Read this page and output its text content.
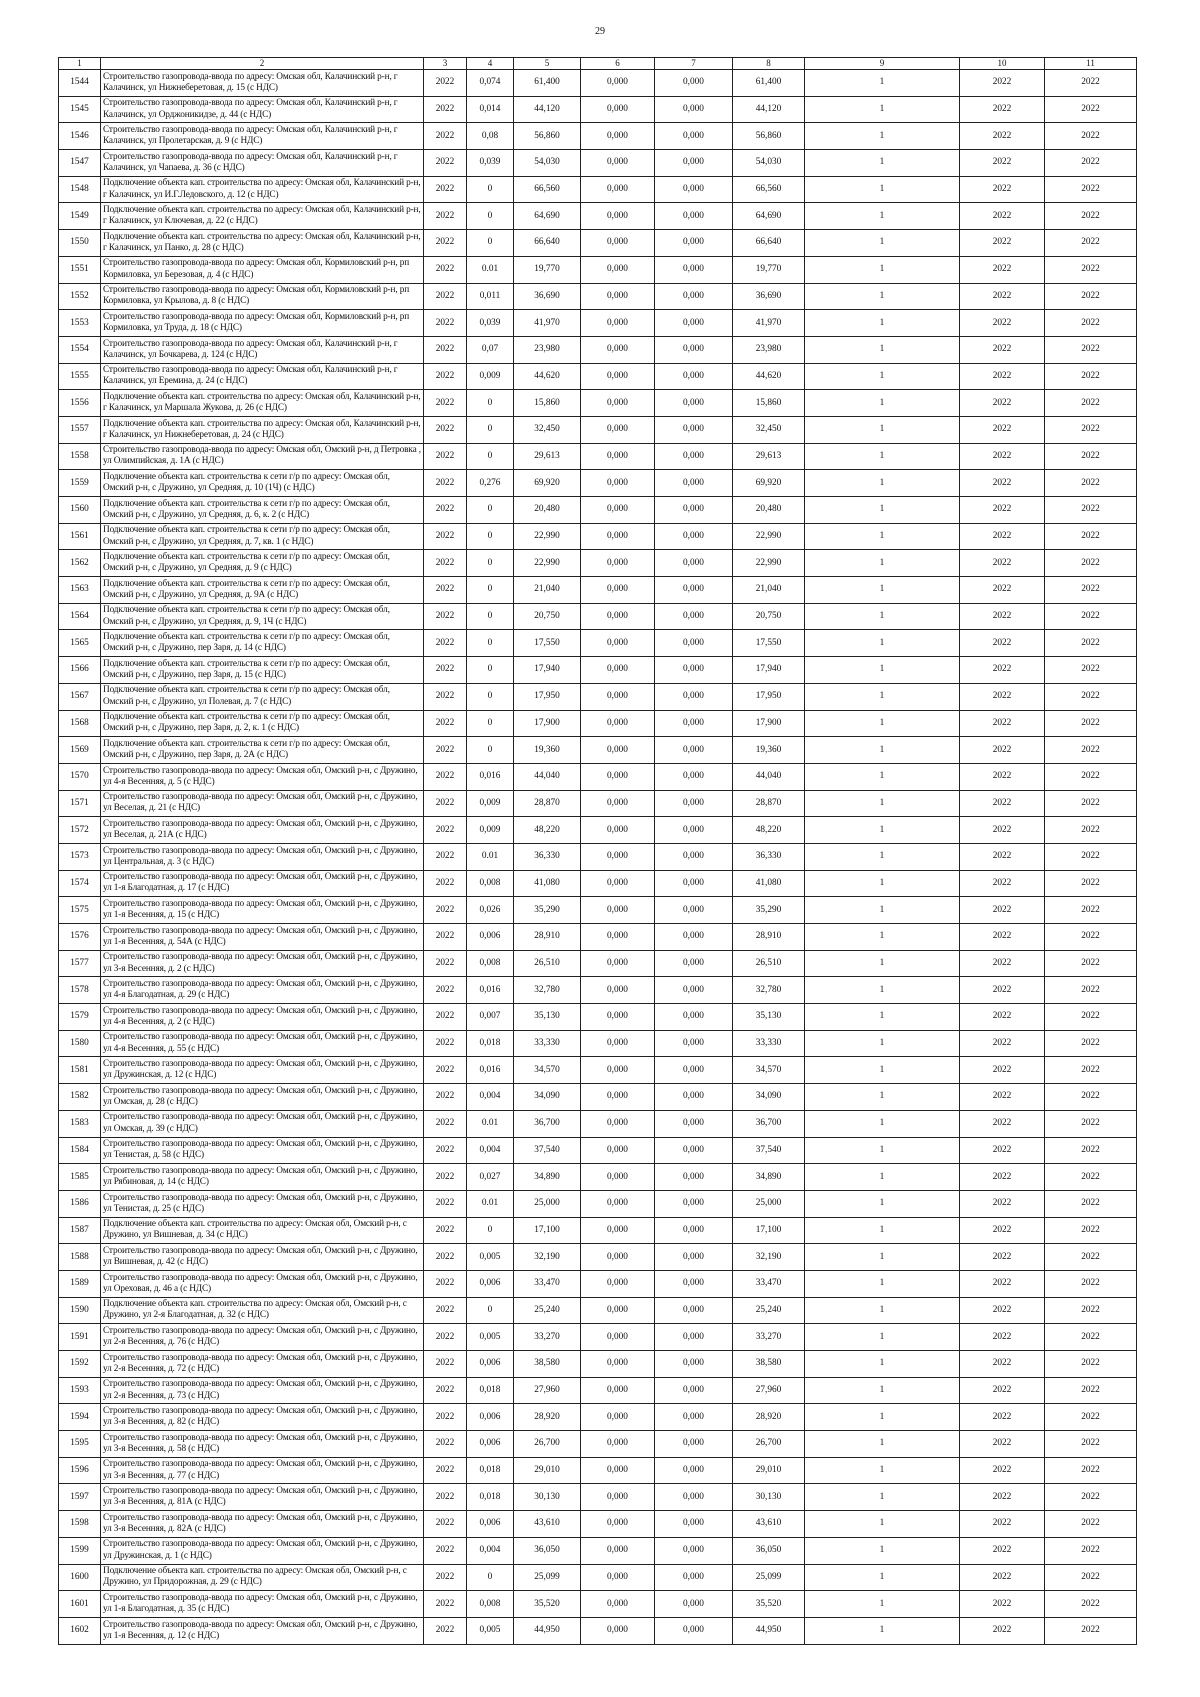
29
1	2	3	4	5	6	7	8	9	10	11
1544	Строительство газопровода-ввода по адресу: Омская обл, Калачинский р-н, г Калачинск, ул Нижнеберетовая, д. 15 (с НДС)	2022	0,074	61,400	0,000	0,000	61,400	1	2022	2022
1545	Строительство газопровода-ввода по адресу: Омская обл, Калачинский р-н, г Калачинск, ул Орджоникидзе, д. 44 (с НДС)	2022	0,014	44,120	0,000	0,000	44,120	1	2022	2022
1546	Строительство газопровода-ввода по адресу: Омская обл, Калачинский р-н, г Калачинск, ул Пролетарская, д. 9 (с НДС)	2022	0,08	56,860	0,000	0,000	56,860	1	2022	2022
1547	Строительство газопровода-ввода по адресу: Омская обл, Калачинский р-н, г Калачинск, ул Чапаева, д. 36 (с НДС)	2022	0,039	54,030	0,000	0,000	54,030	1	2022	2022
1548	Подключение объекта кап. строительства по адресу: Омская обл, Калачинский р-н, г Калачинск, ул И.Г.Ледовского, д. 12 (с НДС)	2022	0	66,560	0,000	0,000	66,560	1	2022	2022
1549	Подключение объекта кап. строительства по адресу: Омская обл, Калачинский р-н, г Калачинск, ул Ключевая, д. 22 (с НДС)	2022	0	64,690	0,000	0,000	64,690	1	2022	2022
1550	Подключение объекта кап. строительства по адресу: Омская обл, Калачинский р-н, г Калачинск, ул Панко, д. 28 (с НДС)	2022	0	66,640	0,000	0,000	66,640	1	2022	2022
1551	Строительство газопровода-ввода по адресу: Омская обл, Кормиловский р-н, рп Кормиловка, ул Березовая, д. 4 (с НДС)	2022	0.01	19,770	0,000	0,000	19,770	1	2022	2022
1552	Строительство газопровода-ввода по адресу: Омская обл, Кормиловский р-н, рп Кормиловка, ул Крылова, д. 8 (с НДС)	2022	0,011	36,690	0,000	0,000	36,690	1	2022	2022
1553	Строительство газопровода-ввода по адресу: Омская обл, Кормиловский р-н, рп Кормиловка, ул Труда, д. 18 (с НДС)	2022	0,039	41,970	0,000	0,000	41,970	1	2022	2022
1554	Строительство газопровода-ввода по адресу: Омская обл, Калачинский р-н, г Калачинск, ул Бочкарева, д. 124 (с НДС)	2022	0,07	23,980	0,000	0,000	23,980	1	2022	2022
1555	Строительство газопровода-ввода по адресу: Омская обл, Калачинский р-н, г Калачинск, ул Еремина, д. 24 (с НДС)	2022	0,009	44,620	0,000	0,000	44,620	1	2022	2022
1556	Подключение объекта кап. строительства по адресу: Омская обл, Калачинский р-н, г Калачинск, ул Маршала Жукова, д. 26 (с НДС)	2022	0	15,860	0,000	0,000	15,860	1	2022	2022
1557	Подключение объекта кап. строительства по адресу: Омская обл, Калачинский р-н, г Калачинск, ул Нижнеберетовая, д. 24 (с НДС)	2022	0	32,450	0,000	0,000	32,450	1	2022	2022
1558	Строительство газопровода-ввода по адресу: Омская обл, Омский р-н, д Петровка , ул Олимпийская, д. 1А (с НДС)	2022	0	29,613	0,000	0,000	29,613	1	2022	2022
1559	Подключение объекта кап. строительства к сети г/р по адресу: Омская обл, Омский р-н, с Дружино, ул Средняя, д. 10 (1Ч) (с НДС)	2022	0,276	69,920	0,000	0,000	69,920	1	2022	2022
1560	Подключение объекта кап. строительства к сети г/р по адресу: Омская обл, Омский р-н, с Дружино, ул Средняя, д. 6, к. 2 (с НДС)	2022	0	20,480	0,000	0,000	20,480	1	2022	2022
1561	Подключение объекта кап. строительства к сети г/р по адресу: Омская обл, Омский р-н, с Дружино, ул Средняя, д. 7, кв. 1 (с НДС)	2022	0	22,990	0,000	0,000	22,990	1	2022	2022
1562	Подключение объекта кап. строительства к сети г/р по адресу: Омская обл, Омский р-н, с Дружино, ул Средняя, д. 9 (с НДС)	2022	0	22,990	0,000	0,000	22,990	1	2022	2022
1563	Подключение объекта кап. строительства к сети г/р по адресу: Омская обл, Омский р-н, с Дружино, ул Средняя, д. 9А (с НДС)	2022	0	21,040	0,000	0,000	21,040	1	2022	2022
1564	Подключение объекта кап. строительства к сети г/р по адресу: Омская обл, Омский р-н, с Дружино, ул Средняя, д. 9, 1Ч (с НДС)	2022	0	20,750	0,000	0,000	20,750	1	2022	2022
1565	Подключение объекта кап. строительства к сети г/р по адресу: Омская обл, Омский р-н, с Дружино, пер Заря, д. 14 (с НДС)	2022	0	17,550	0,000	0,000	17,550	1	2022	2022
1566	Подключение объекта кап. строительства к сети г/р по адресу: Омская обл, Омский р-н, с Дружино, пер Заря, д. 15 (с НДС)	2022	0	17,940	0,000	0,000	17,940	1	2022	2022
1567	Подключение объекта кап. строительства к сети г/р по адресу: Омская обл, Омский р-н, с Дружино, ул Полевая, д. 7 (с НДС)	2022	0	17,950	0,000	0,000	17,950	1	2022	2022
1568	Подключение объекта кап. строительства к сети г/р по адресу: Омская обл, Омский р-н, с Дружино, пер Заря, д. 2, к. 1 (с НДС)	2022	0	17,900	0,000	0,000	17,900	1	2022	2022
1569	Подключение объекта кап. строительства к сети г/р по адресу: Омская обл, Омский р-н, с Дружино, пер Заря, д. 2А (с НДС)	2022	0	19,360	0,000	0,000	19,360	1	2022	2022
1570	Строительство газопровода-ввода по адресу: Омская обл, Омский р-н, с Дружино, ул 4-я Весенняя, д. 5 (с НДС)	2022	0,016	44,040	0,000	0,000	44,040	1	2022	2022
1571	Строительство газопровода-ввода по адресу: Омская обл, Омский р-н, с Дружино, ул Веселая, д. 21 (с НДС)	2022	0,009	28,870	0,000	0,000	28,870	1	2022	2022
1572	Строительство газопровода-ввода по адресу: Омская обл, Омский р-н, с Дружино, ул Веселая, д. 21А (с НДС)	2022	0,009	48,220	0,000	0,000	48,220	1	2022	2022
1573	Строительство газопровода-ввода по адресу: Омская обл, Омский р-н, с Дружино, ул Центральная, д. 3 (с НДС)	2022	0.01	36,330	0,000	0,000	36,330	1	2022	2022
1574	Строительство газопровода-ввода по адресу: Омская обл, Омский р-н, с Дружино, ул 1-я Благодатная, д. 17 (с НДС)	2022	0,008	41,080	0,000	0,000	41,080	1	2022	2022
1575	Строительство газопровода-ввода по адресу: Омская обл, Омский р-н, с Дружино, ул 1-я Весенняя, д. 15 (с НДС)	2022	0,026	35,290	0,000	0,000	35,290	1	2022	2022
1576	Строительство газопровода-ввода по адресу: Омская обл, Омский р-н, с Дружино, ул 1-я Весенняя, д. 54А (с НДС)	2022	0,006	28,910	0,000	0,000	28,910	1	2022	2022
1577	Строительство газопровода-ввода по адресу: Омская обл, Омский р-н, с Дружино, ул 3-я Весенняя, д. 2 (с НДС)	2022	0,008	26,510	0,000	0,000	26,510	1	2022	2022
1578	Строительство газопровода-ввода по адресу: Омская обл, Омский р-н, с Дружино, ул 4-я Благодатная, д. 29 (с НДС)	2022	0,016	32,780	0,000	0,000	32,780	1	2022	2022
1579	Строительство газопровода-ввода по адресу: Омская обл, Омский р-н, с Дружино, ул 4-я Весенняя, д. 2 (с НДС)	2022	0,007	35,130	0,000	0,000	35,130	1	2022	2022
1580	Строительство газопровода-ввода по адресу: Омская обл, Омский р-н, с Дружино, ул 4-я Весенняя, д. 55 (с НДС)	2022	0,018	33,330	0,000	0,000	33,330	1	2022	2022
1581	Строительство газопровода-ввода по адресу: Омская обл, Омский р-н, с Дружино, ул Дружинская, д. 12 (с НДС)	2022	0,016	34,570	0,000	0,000	34,570	1	2022	2022
1582	Строительство газопровода-ввода по адресу: Омская обл, Омский р-н, с Дружино, ул Омская, д. 28 (с НДС)	2022	0,004	34,090	0,000	0,000	34,090	1	2022	2022
1583	Строительство газопровода-ввода по адресу: Омская обл, Омский р-н, с Дружино, ул Омская, д. 39 (с НДС)	2022	0.01	36,700	0,000	0,000	36,700	1	2022	2022
1584	Строительство газопровода-ввода по адресу: Омская обл, Омский р-н, с Дружино, ул Тенистая, д. 58 (с НДС)	2022	0,004	37,540	0,000	0,000	37,540	1	2022	2022
1585	Строительство газопровода-ввода по адресу: Омская обл, Омский р-н, с Дружино, ул Рябиновая, д. 14 (с НДС)	2022	0,027	34,890	0,000	0,000	34,890	1	2022	2022
1586	Строительство газопровода-ввода по адресу: Омская обл, Омский р-н, с Дружино, ул Тенистая, д. 25 (с НДС)	2022	0.01	25,000	0,000	0,000	25,000	1	2022	2022
1587	Подключение объекта кап. строительства по адресу: Омская обл, Омский р-н, с Дружино, ул Вишневая, д. 34 (с НДС)	2022	0	17,100	0,000	0,000	17,100	1	2022	2022
1588	Строительство газопровода-ввода по адресу: Омская обл, Омский р-н, с Дружино, ул Вишневая, д. 42 (с НДС)	2022	0,005	32,190	0,000	0,000	32,190	1	2022	2022
1589	Строительство газопровода-ввода по адресу: Омская обл, Омский р-н, с Дружино, ул Ореховая, д. 46 а (с НДС)	2022	0,006	33,470	0,000	0,000	33,470	1	2022	2022
1590	Подключение объекта кап. строительства по адресу: Омская обл, Омский р-н, с Дружино, ул 2-я Благодатная, д. 32 (с НДС)	2022	0	25,240	0,000	0,000	25,240	1	2022	2022
1591	Строительство газопровода-ввода по адресу: Омская обл, Омский р-н, с Дружино, ул 2-я Весенняя, д. 76 (с НДС)	2022	0,005	33,270	0,000	0,000	33,270	1	2022	2022
1592	Строительство газопровода-ввода по адресу: Омская обл, Омский р-н, с Дружино, ул 2-я Весенняя, д. 72 (с НДС)	2022	0,006	38,580	0,000	0,000	38,580	1	2022	2022
1593	Строительство газопровода-ввода по адресу: Омская обл, Омский р-н, с Дружино, ул 2-я Весенняя, д. 73 (с НДС)	2022	0,018	27,960	0,000	0,000	27,960	1	2022	2022
1594	Строительство газопровода-ввода по адресу: Омская обл, Омский р-н, с Дружино, ул 3-я Весенняя, д. 82 (с НДС)	2022	0,006	28,920	0,000	0,000	28,920	1	2022	2022
1595	Строительство газопровода-ввода по адресу: Омская обл, Омский р-н, с Дружино, ул 3-я Весенняя, д. 58 (с НДС)	2022	0,006	26,700	0,000	0,000	26,700	1	2022	2022
1596	Строительство газопровода-ввода по адресу: Омская обл, Омский р-н, с Дружино, ул 3-я Весенняя, д. 77 (с НДС)	2022	0,018	29,010	0,000	0,000	29,010	1	2022	2022
1597	Строительство газопровода-ввода по адресу: Омская обл, Омский р-н, с Дружино, ул 3-я Весенняя, д. 81А (с НДС)	2022	0,018	30,130	0,000	0,000	30,130	1	2022	2022
1598	Строительство газопровода-ввода по адресу: Омская обл, Омский р-н, с Дружино, ул 3-я Весенняя, д. 82А (с НДС)	2022	0,006	43,610	0,000	0,000	43,610	1	2022	2022
1599	Строительство газопровода-ввода по адресу: Омская обл, Омский р-н, с Дружино, ул Дружинская, д. 1 (с НДС)	2022	0,004	36,050	0,000	0,000	36,050	1	2022	2022
1600	Подключение объекта кап. строительства по адресу: Омская обл, Омский р-н, с Дружино, ул Придорожная, д. 29 (с НДС)	2022	0	25,099	0,000	0,000	25,099	1	2022	2022
1601	Строительство газопровода-ввода по адресу: Омская обл, Омский р-н, с Дружино, ул 1-я Благодатная, д. 35 (с НДС)	2022	0,008	35,520	0,000	0,000	35,520	1	2022	2022
1602	Строительство газопровода-ввода по адресу: Омская обл, Омский р-н, с Дружино, ул 1-я Весенняя, д. 12 (с НДС)	2022	0,005	44,950	0,000	0,000	44,950	1	2022	2022
